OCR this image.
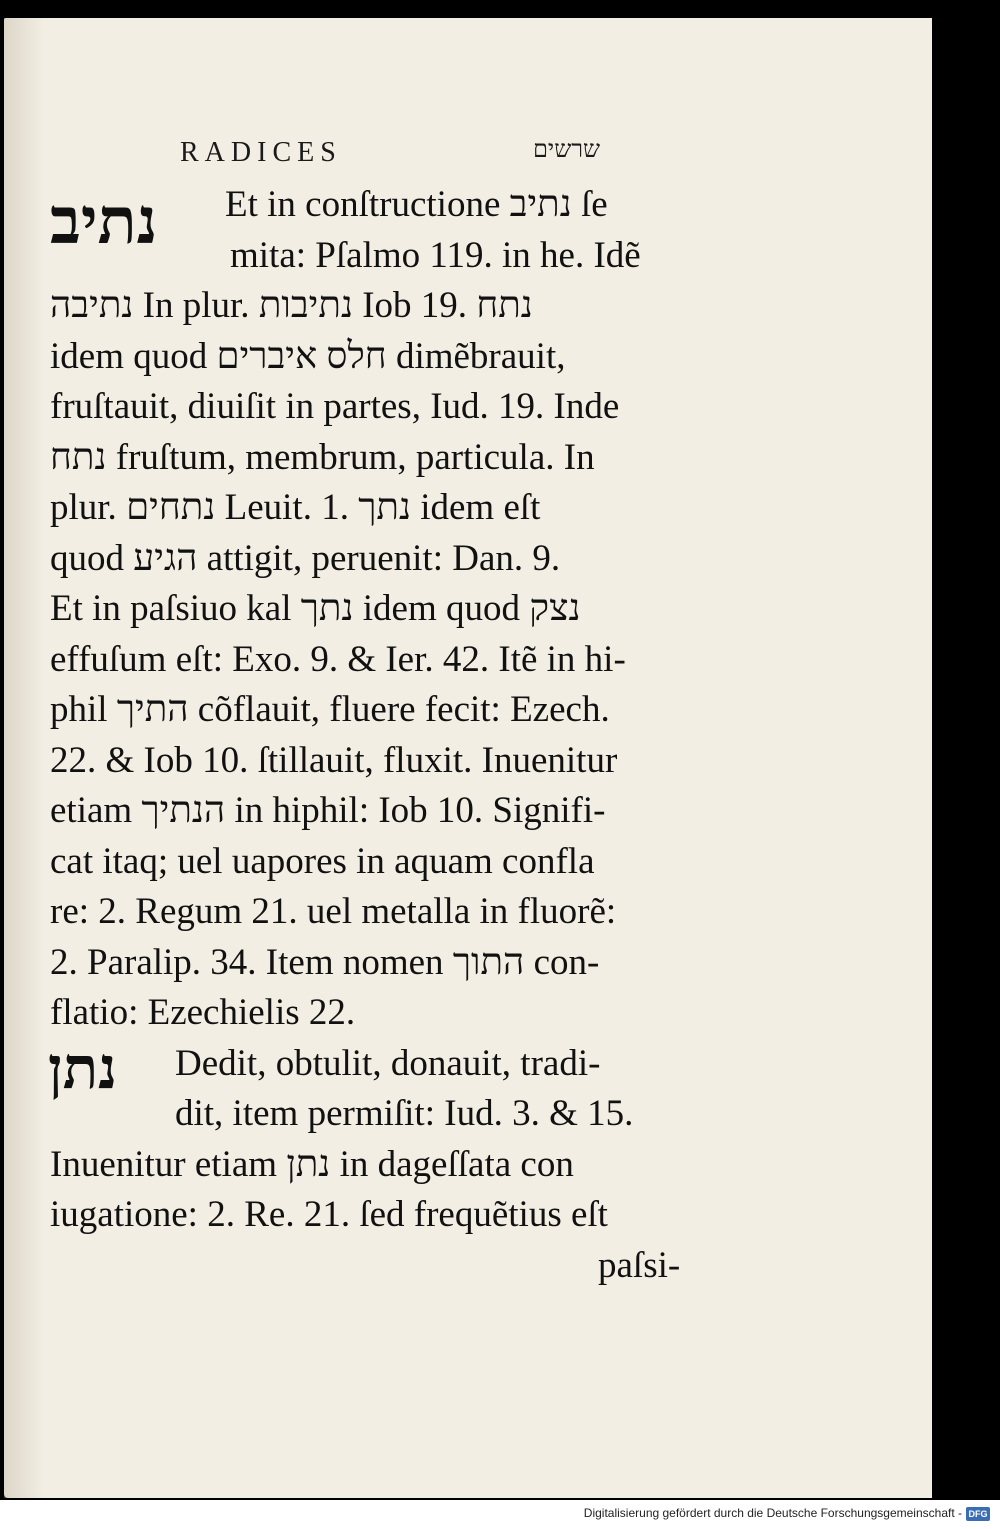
RADICES	שרשים
נתיב
נתן
Et in conſtructione נתיב ſe
mita: Pſalmo 119. in he. Idẽ
נתיבה In plur. נתיבות Iob 19. נתח
idem quod חלס איברים dimẽbrauit,
fruſtauit, diuiſit in partes, Iud. 19. Inde
נתח fruſtum, membrum, particula. In
plur. נתחים Leuit. 1. נתך idem eſt
quod הגיע attigit, peruenit: Dan. 9.
Et in paſsiuo kal נתך idem quod נצק
effuſum eſt: Exo. 9. & Ier. 42. Itẽ in hi-
phil התיך cõflauit, fluere fecit: Ezech.
22. & Iob 10. ſtillauit, fluxit. Inuenitur
etiam הנתיך in hiphil: Iob 10. Signifi-
cat itaq; uel uapores in aquam confla
re: 2. Regum 21. uel metalla in fluorẽ:
2. Paralip. 34. Item nomen התוך con-
flatio: Ezechielis 22.
Dedit, obtulit, donauit, tradi-
dit, item permiſit: Iud. 3. & 15.
Inuenitur etiam נתן in dageſſata con
iugatione: 2. Re. 21. ſed frequẽtius eſt
paſsi-
Digitalisierung gefördert durch die Deutsche Forschungsgemeinschaft - DFG
